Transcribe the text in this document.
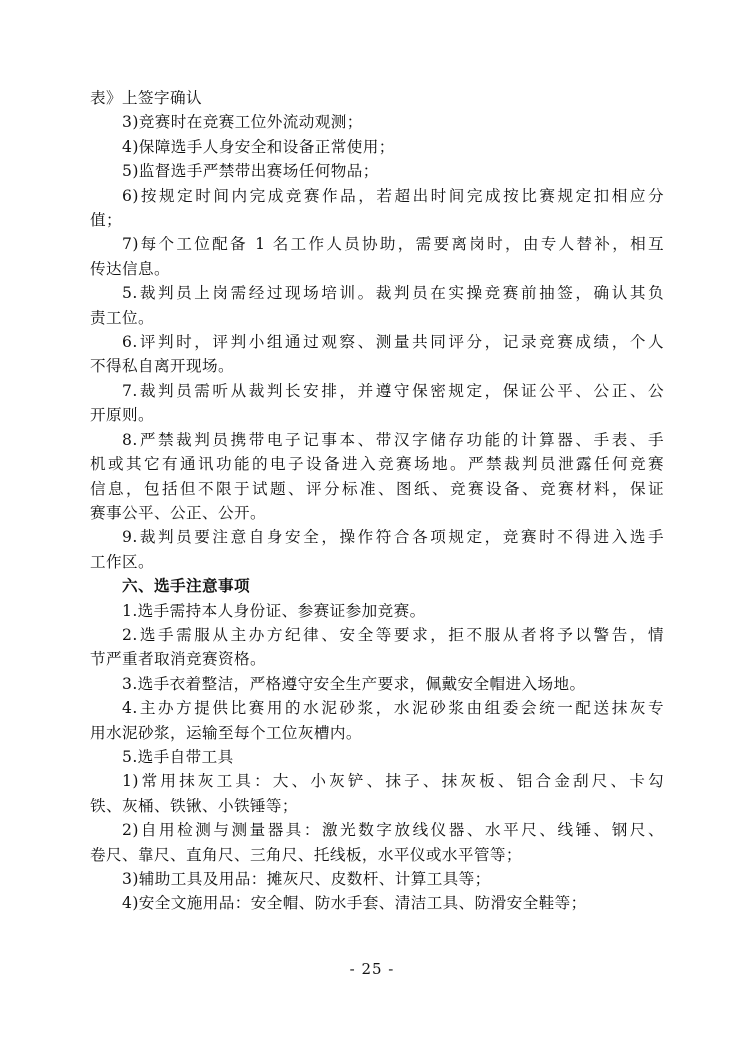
表》上签字确认
3)竞赛时在竞赛工位外流动观测；
4)保障选手人身安全和设备正常使用；
5)监督选手严禁带出赛场任何物品；
6)按规定时间内完成竞赛作品，若超出时间完成按比赛规定扣相应分
值；
7)每个工位配备 1 名工作人员协助，需要离岗时，由专人替补，相互
传达信息。
5.裁判员上岗需经过现场培训。裁判员在实操竞赛前抽签，确认其负
责工位。
6.评判时，评判小组通过观察、测量共同评分，记录竞赛成绩，个人
不得私自离开现场。
7.裁判员需听从裁判长安排，并遵守保密规定，保证公平、公正、公
开原则。
8.严禁裁判员携带电子记事本、带汉字储存功能的计算器、手表、手
机或其它有通讯功能的电子设备进入竞赛场地。严禁裁判员泄露任何竞赛
信息，包括但不限于试题、评分标准、图纸、竞赛设备、竞赛材料，保证
赛事公平、公正、公开。
9.裁判员要注意自身安全，操作符合各项规定，竞赛时不得进入选手
工作区。
六、选手注意事项
1.选手需持本人身份证、参赛证参加竞赛。
2.选手需服从主办方纪律、安全等要求，拒不服从者将予以警告，情
节严重者取消竞赛资格。
3.选手衣着整洁，严格遵守安全生产要求，佩戴安全帽进入场地。
4.主办方提供比赛用的水泥砂浆，水泥砂浆由组委会统一配送抹灰专
用水泥砂浆，运输至每个工位灰槽内。
5.选手自带工具
1)常用抹灰工具：大、小灰铲、抹子、抹灰板、铝合金刮尺、卡勾
铁、灰桶、铁锹、小铁锤等；
2)自用检测与测量器具：激光数字放线仪器、水平尺、线锤、钢尺、
卷尺、靠尺、直角尺、三角尺、托线板，水平仪或水平管等；
3)辅助工具及用品：摊灰尺、皮数杆、计算工具等；
4)安全文施用品：安全帽、防水手套、清洁工具、防滑安全鞋等；
- 25 -
